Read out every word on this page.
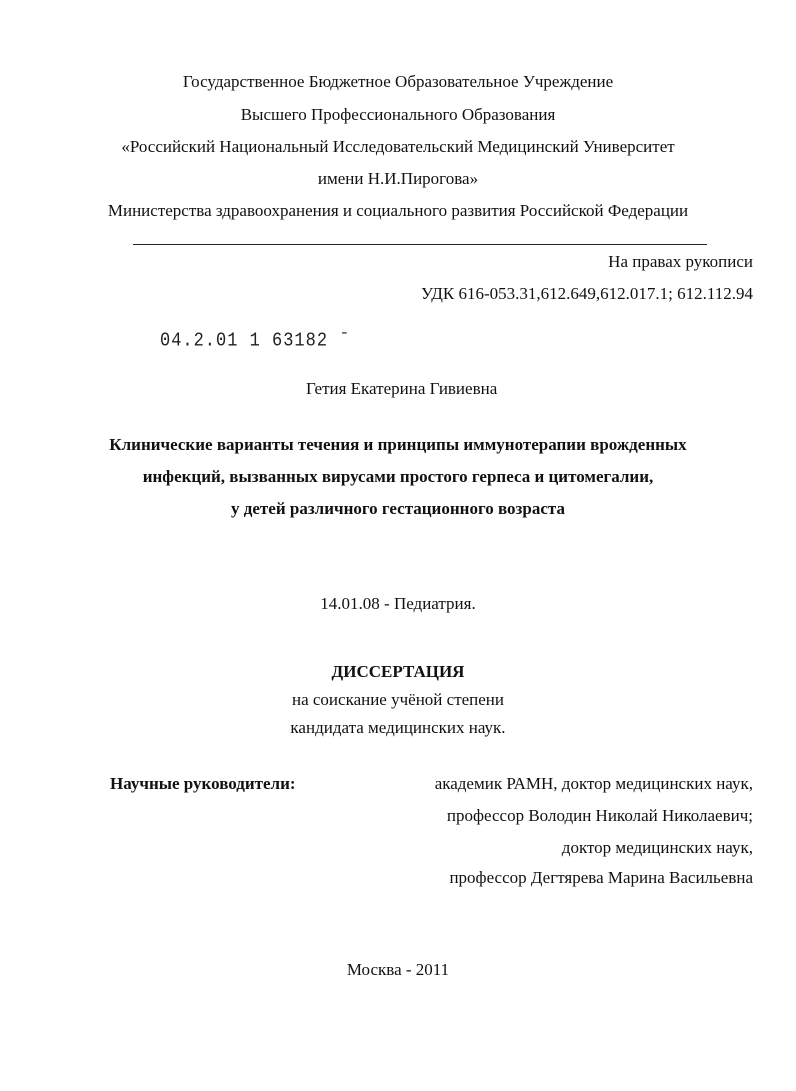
Государственное Бюджетное Образовательное Учреждение
Высшего Профессионального Образования
«Российский Национальный Исследовательский Медицинский Университет
имени Н.И.Пирогова»
Министерства здравоохранения и социального развития Российской Федерации
На правах рукописи
УДК 616-053.31,612.649,612.017.1; 612.112.94
04.2.01 1 63182 ˉ
Гетия Екатерина Гивиевна
Клинические варианты течения и принципы иммунотерапии врожденных
инфекций, вызванных вирусами простого герпеса и цитомегалии,
у детей различного гестационного возраста
14.01.08 - Педиатрия.
ДИССЕРТАЦИЯ
на соискание учёной степени
кандидата медицинских наук.
Научные руководители:	академик РАМН, доктор медицинских наук,
профессор Володин Николай Николаевич;
доктор медицинских наук,
профессор Дегтярева Марина Васильевна
Москва - 2011
